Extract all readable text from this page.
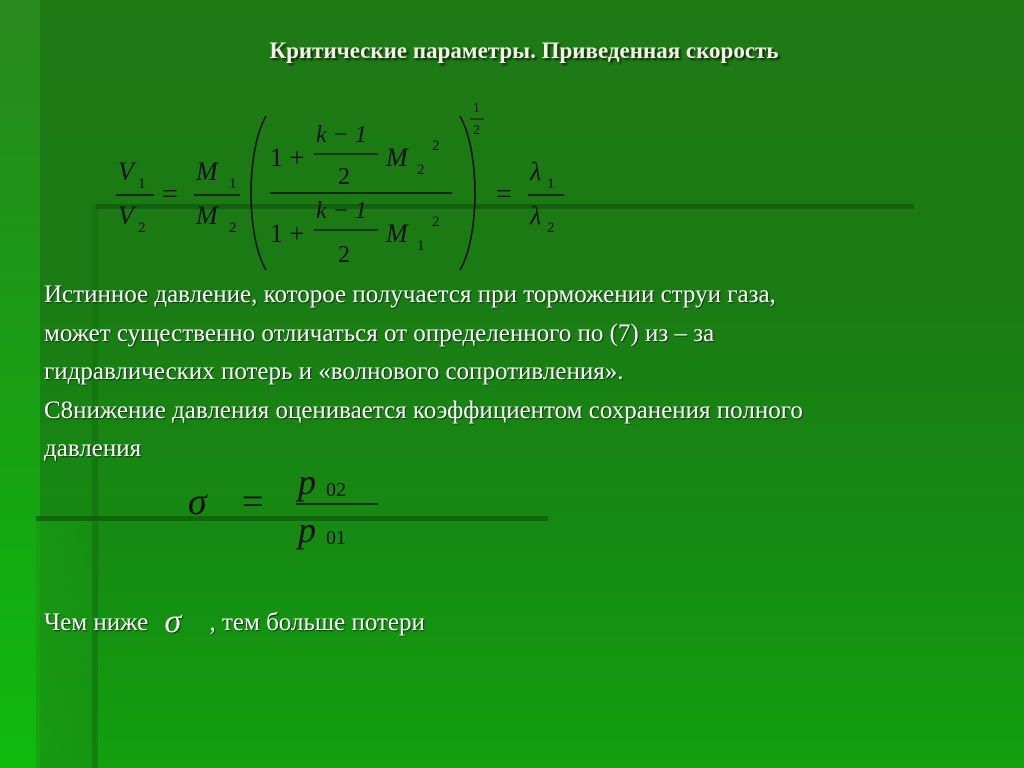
Критические параметры. Приведенная скорость
V 1
V 2
=
M 1
M 2
1
2
1 +
k − 1
2
M 2
2
1 +
k − 1
2
M 1
2
=
λ 1
λ 2

Истинное давление, которое получается при торможении струи газа,

может существенно отличаться от определенного по (7) из – за

гидравлических потерь и «волнового сопротивления».

С8нижение давления оценивается коэффициентом сохранения полного

давления

σ = p 02
p 01
Чем ниже σ , тем больше потери
